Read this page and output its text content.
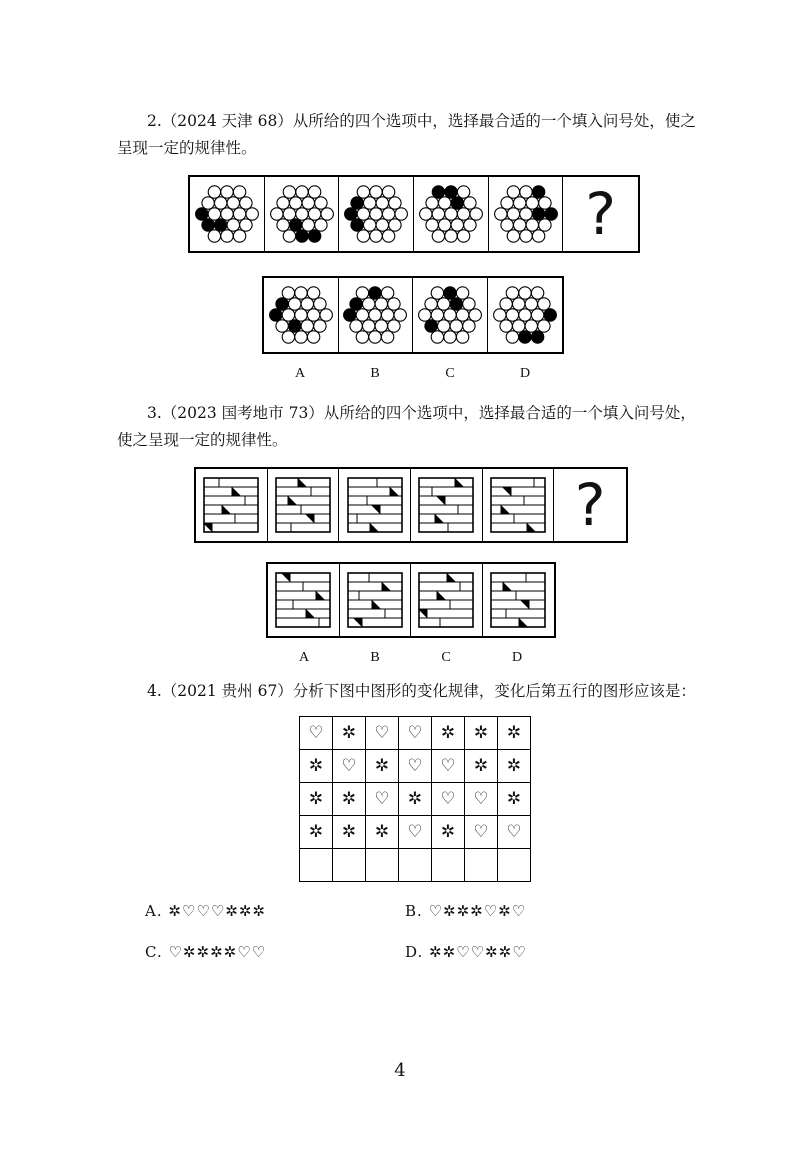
2.（2024 天津 68）从所给的四个选项中，选择最合适的一个填入问号处，使之
呈现一定的规律性。

?
A	B	C	D

3.（2023 国考地市 73）从所给的四个选项中，选择最合适的一个填入问号处，
使之呈现一定的规律性。

?
A	B	C	D

4.（2021 贵州 67）分析下图中图形的变化规律，变化后第五行的图形应该是：

♡	✲	♡	♡	✲	✲	✲
✲	♡	✲	♡	♡	✲	✲
✲	✲	♡	✲	♡	♡	✲
✲	✲	✲	♡	✲	♡	♡

A. ✲♡♡♡✲✲✲	B. ♡✲✲✲♡✲♡
C. ♡✲✲✲✲♡♡	D. ✲✲♡♡✲✲♡
4
